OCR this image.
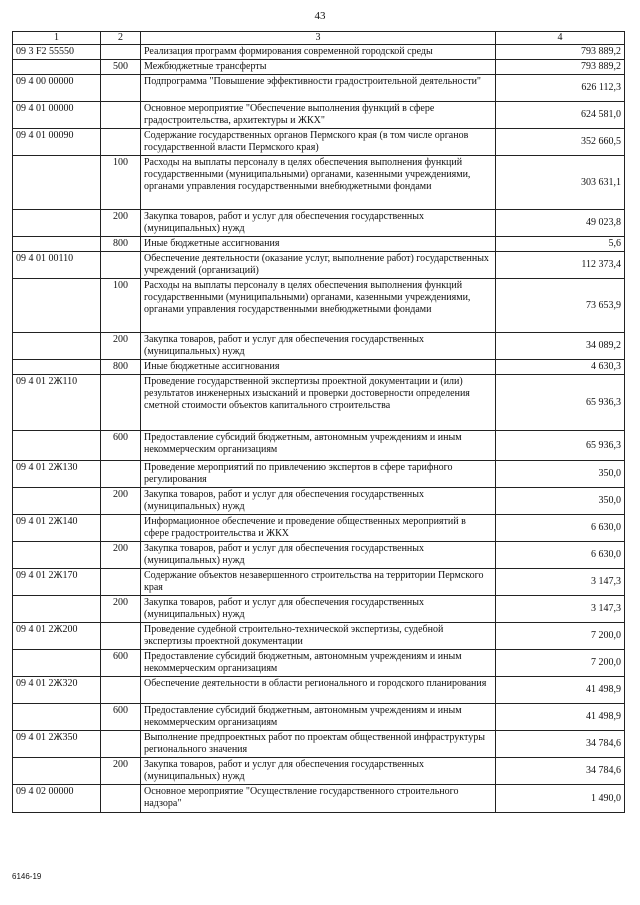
43
1	2	3	4
09 3 F2 55550		Реализация программ формирования современной городской среды	793 889,2
	500	Межбюджетные трансферты	793 889,2
09 4 00 00000		Подпрограмма "Повышение эффективности градостроительной деятельности"	626 112,3
09 4 01 00000		Основное мероприятие "Обеспечение выполнения функций в сфере градостроительства, архитектуры и ЖКХ"	624 581,0
09 4 01 00090		Содержание государственных органов Пермского края (в том числе органов государственной власти Пермского края)	352 660,5
	100	Расходы на выплаты персоналу в целях обеспечения выполнения функций государственными (муниципальными) органами, казенными учреждениями, органами управления государственными внебюджетными фондами	303 631,1
	200	Закупка товаров, работ и услуг для обеспечения государственных (муниципальных) нужд	49 023,8
	800	Иные бюджетные ассигнования	5,6
09 4 01 00110		Обеспечение деятельности (оказание услуг, выполнение работ) государственных учреждений (организаций)	112 373,4
	100	Расходы на выплаты персоналу в целях обеспечения выполнения функций государственными (муниципальными) органами, казенными учреждениями, органами управления государственными внебюджетными фондами	73 653,9
	200	Закупка товаров, работ и услуг для обеспечения государственных (муниципальных) нужд	34 089,2
	800	Иные бюджетные ассигнования	4 630,3
09 4 01 2Ж110		Проведение государственной экспертизы проектной документации и (или) результатов инженерных изысканий и проверки достоверности определения сметной стоимости объектов капитального строительства	65 936,3
	600	Предоставление субсидий бюджетным, автономным учреждениям и иным некоммерческим организациям	65 936,3
09 4 01 2Ж130		Проведение мероприятий по привлечению экспертов в сфере тарифного регулирования	350,0
	200	Закупка товаров, работ и услуг для обеспечения государственных (муниципальных) нужд	350,0
09 4 01 2Ж140		Информационное обеспечение и проведение общественных мероприятий в сфере градостроительства и ЖКХ	6 630,0
	200	Закупка товаров, работ и услуг для обеспечения государственных (муниципальных) нужд	6 630,0
09 4 01 2Ж170		Содержание объектов незавершенного строительства на территории Пермского края	3 147,3
	200	Закупка товаров, работ и услуг для обеспечения государственных (муниципальных) нужд	3 147,3
09 4 01 2Ж200		Проведение судебной строительно-технической экспертизы, судебной экспертизы проектной документации	7 200,0
	600	Предоставление субсидий бюджетным, автономным учреждениям и иным некоммерческим организациям	7 200,0
09 4 01 2Ж320		Обеспечение деятельности в области регионального и городского планирования	41 498,9
	600	Предоставление субсидий бюджетным, автономным учреждениям и иным некоммерческим организациям	41 498,9
09 4 01 2Ж350		Выполнение предпроектных работ по проектам общественной инфраструктуры регионального значения	34 784,6
	200	Закупка товаров, работ и услуг для обеспечения государственных (муниципальных) нужд	34 784,6
09 4 02 00000		Основное мероприятие "Осуществление государственного строительного надзора"	1 490,0
6146-19
